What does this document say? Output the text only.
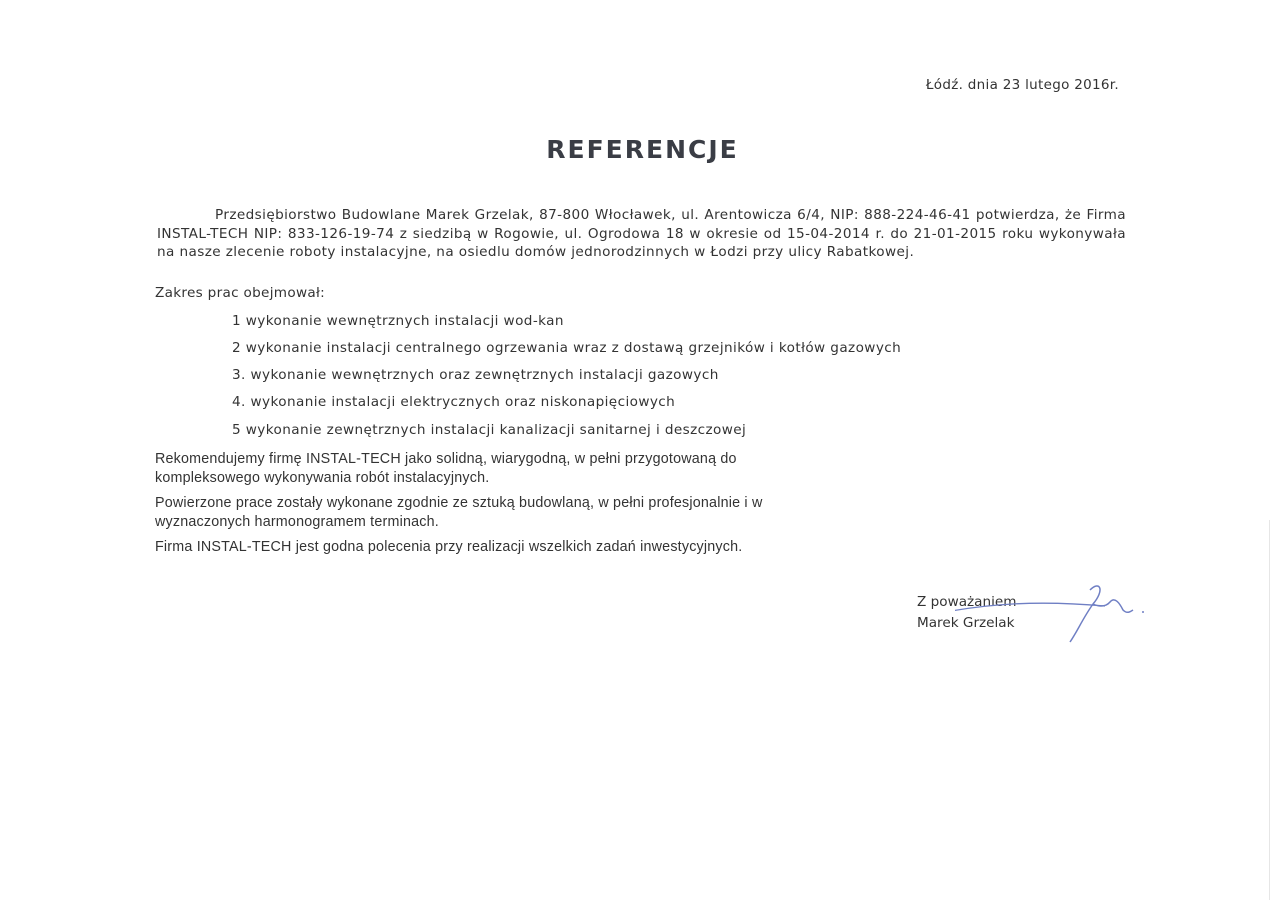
Łódź. dnia 23 lutego 2016r.
REFERENCJE
Przedsiębiorstwo Budowlane Marek Grzelak, 87-800 Włocławek, ul. Arentowicza 6/4, NIP: 888-224-46-41 potwierdza, że Firma INSTAL-TECH NIP: 833-126-19-74 z siedzibą w Rogowie, ul. Ogrodowa 18 w okresie od 15-04-2014 r. do 21-01-2015 roku wykonywała na nasze zlecenie roboty instalacyjne, na osiedlu domów jednorodzinnych w Łodzi przy ulicy Rabatkowej.
Zakres prac obejmował:
1 wykonanie wewnętrznych instalacji wod-kan
2 wykonanie instalacji centralnego ogrzewania wraz z dostawą grzejników i kotłów gazowych
3. wykonanie wewnętrznych oraz zewnętrznych instalacji gazowych
4. wykonanie instalacji elektrycznych oraz niskonapięciowych
5 wykonanie zewnętrznych instalacji kanalizacji sanitarnej i deszczowej
Rekomendujemy firmę INSTAL-TECH jako solidną, wiarygodną, w pełni przygotowaną do
kompleksowego wykonywania robót instalacyjnych.
Powierzone prace zostały wykonane zgodnie ze sztuką budowlaną, w pełni profesjonalnie i w
wyznaczonych harmonogramem terminach.
Firma INSTAL-TECH jest godna polecenia przy realizacji wszelkich zadań inwestycyjnych.
Z poważaniem
Marek Grzelak
